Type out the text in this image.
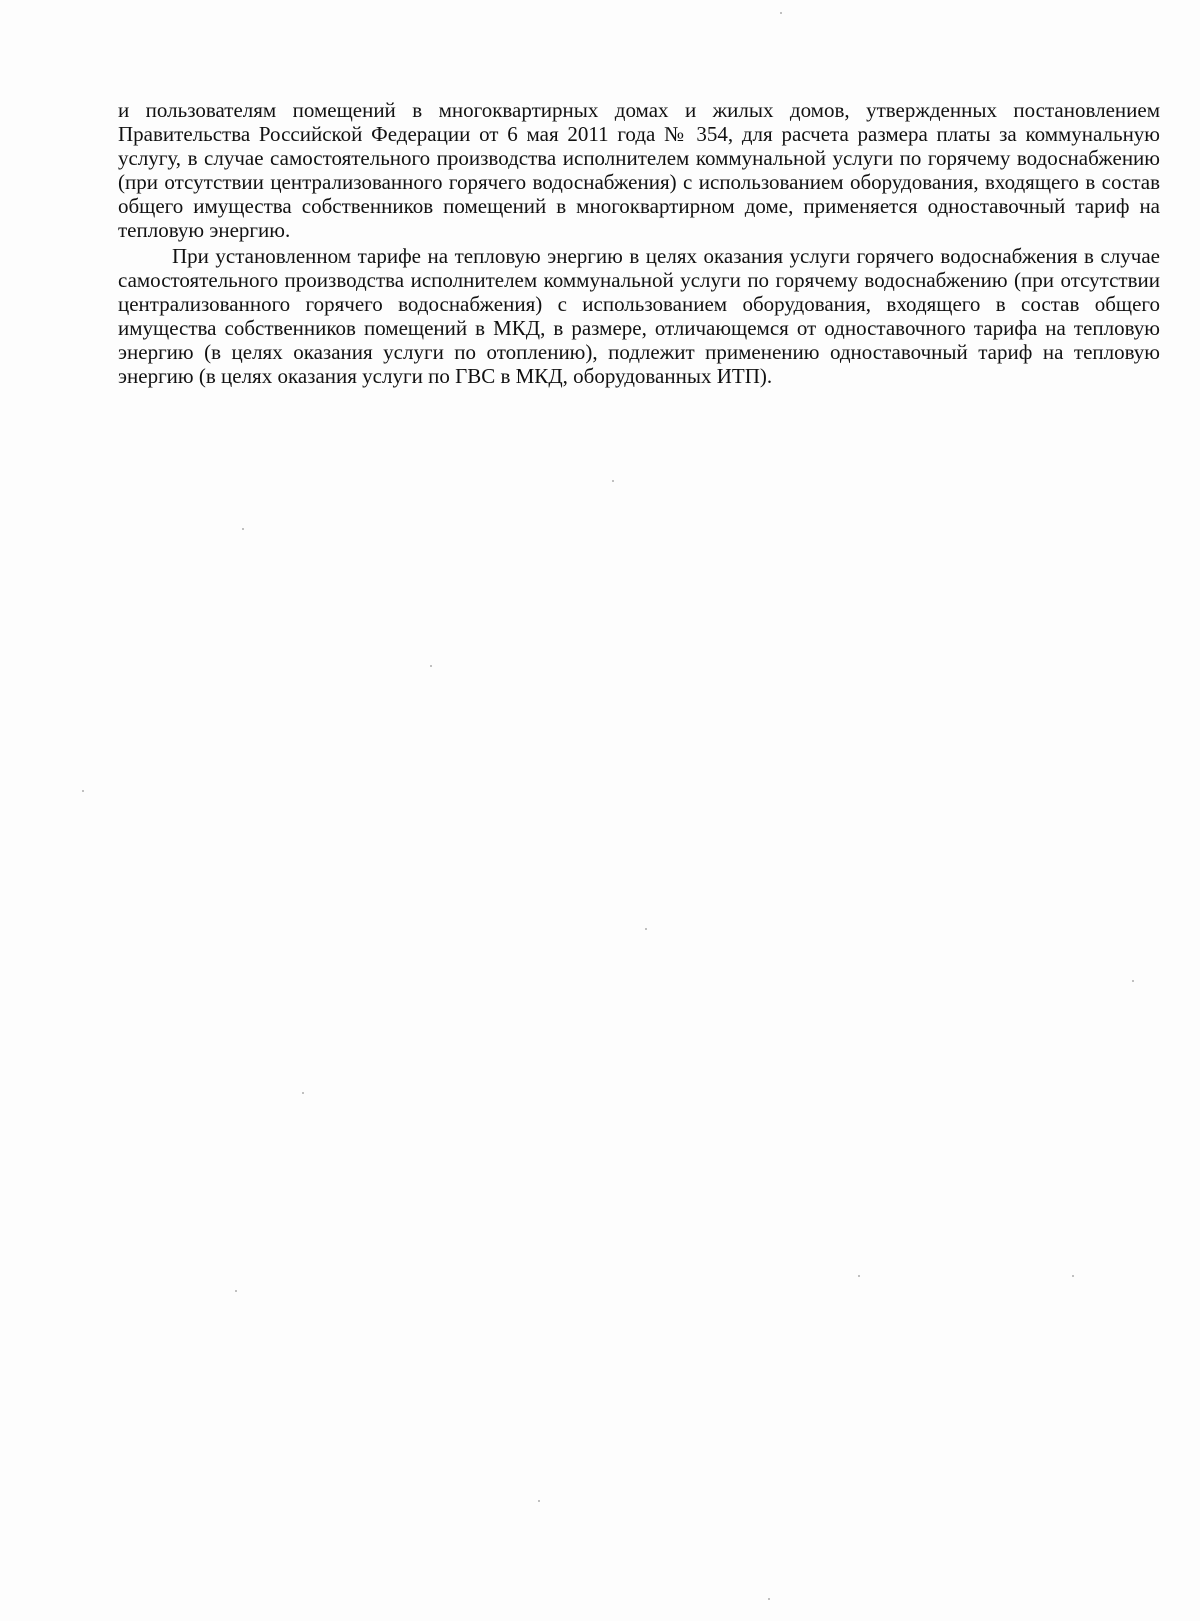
и пользователям помещений в многоквартирных домах и жилых домов, утвержденных постановлением Правительства Российской Федерации от 6 мая 2011 года № 354, для расчета размера платы за коммунальную услугу, в случае самостоятельного производства исполнителем коммунальной услуги по горячему водоснабжению (при отсутствии централизованного горячего водоснабжения) с использованием оборудования, входящего в состав общего имущества собственников помещений в многоквартирном доме, применяется одноставочный тариф на тепловую энергию.

При установленном тарифе на тепловую энергию в целях оказания услуги горячего водоснабжения в случае самостоятельного производства исполнителем коммунальной услуги по горячему водоснабжению (при отсутствии централизованного горячего водоснабжения) с использованием оборудования, входящего в состав общего имущества собственников помещений в МКД, в размере, отличающемся от одноставочного тарифа на тепловую энергию (в целях оказания услуги по отоплению), подлежит применению одноставочный тариф на тепловую энергию (в целях оказания услуги по ГВС в МКД, оборудованных ИТП).
